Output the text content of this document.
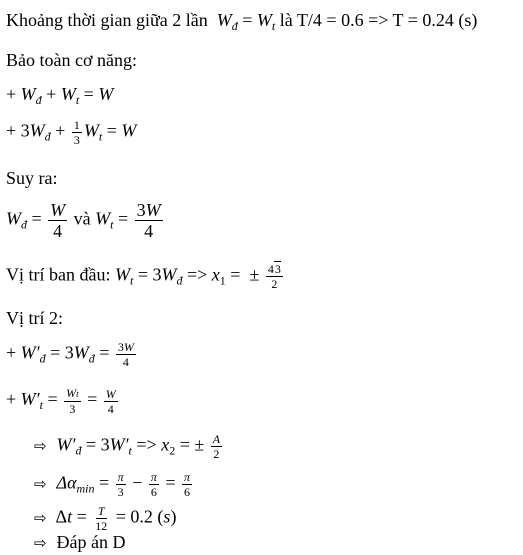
Khoảng thời gian giữa 2 lần  $W_đ = W_t$ là T/4 = 0.6 => T = 0.24 (s)
Bảo toàn cơ năng:
+ $W_đ + W_t = W$
+ $3W_đ + \frac{1}{3} W_t = W$
Suy ra:
$W_đ = \frac{W}{4}$ và $W_t = \frac{3W}{4}$
Vị trí ban đầu: $W_t = 3W_đ => x_1$ =  ± $\frac{43}{2}$
Vị trí 2:
+ $W'_đ = 3W_đ = \frac{3W}{4}$
+ $W'_t = \frac{Wt}{3} = \frac{W}{4}$
⇨ $W'_đ = 3W'_t => x_2$ = ± $\frac{A}{2}$
⇨ $\Delta\alpha_{min} = \frac{\pi}{3} - \frac{\pi}{6} = \frac{\pi}{6}$
⇨ $\Delta t = \frac{T}{12} = 0.2$ (s)
⇨ Đáp án D
